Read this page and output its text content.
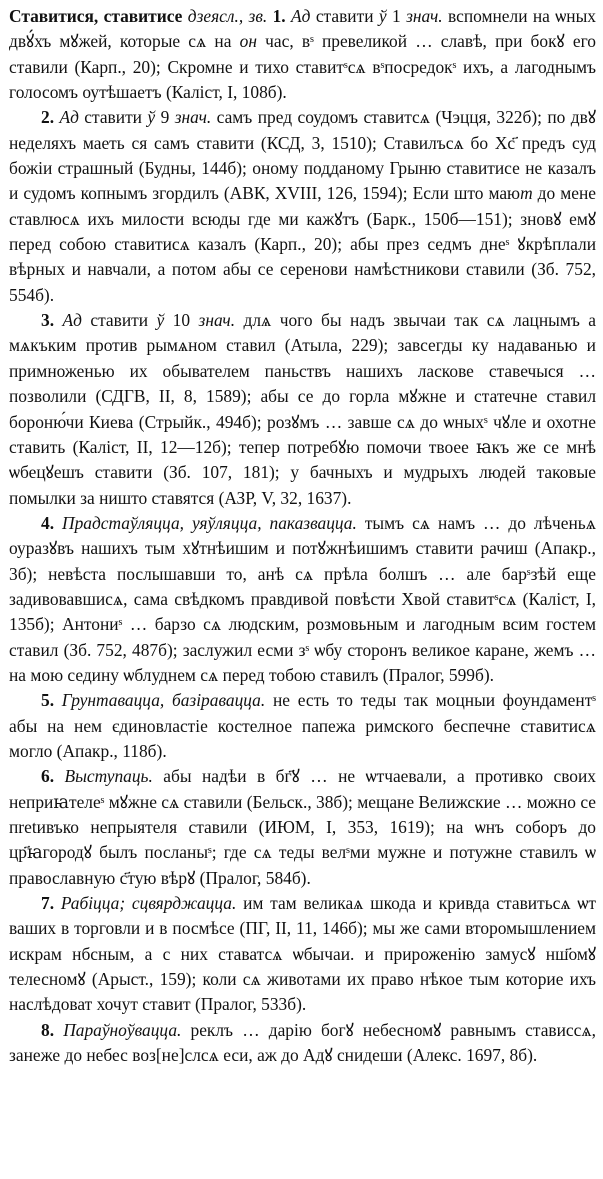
Ставитися, ставитисе дзеясл., зв. 1. Ад ставити ў 1 знач. вспомнели на ѡных двꙋ́хъ мꙋжей, которые сѧ на он час, вˢ превеликой … славѣ, при бокꙋ его ставили (Карп., 20); Скромне и тихо ставитˢсѧ вˢпосредокˢ ихъ, а лагоднымъ голосомъ оутѣшаетъ (Каліст, I, 108б).

2. Ад ставити ў 9 знач. самъ пред соудомъ ставитсѧ (Чэцця, 322б); по двꙋ неделяхъ маеть ся самъ ставити (КСД, 3, 1510); Ставилъсѧ бо Хс҃ предъ суд божіи страшный (Будны, 144б); оному подданому Грыню ставитисе не казалъ и судомъ копнымъ згордилъ (АВК, XVIII, 126, 1594); Если што мают до мене ставлюсѧ ихъ милости всюды где ми кажꙋтъ (Барк., 150б—151); зновꙋ емꙋ перед собою ставитисѧ казалъ (Карп., 20); абы през седмъ днеˢ ꙋкрѣплали вѣрных и навчали, а потом абы се серенови намѣстникови ставили (Зб. 752, 554б).

3. Ад ставити ў 10 знач. длѧ чого бы надъ звычаи так сѧ лацнымъ а мѧкъким против рымѧном ставил (Атыла, 229); завсегды ку надаванью и примноженью их обывателем паньствъ нашихъ ласкове ставечыся … позволили (СДГВ, II, 8, 1589); абы се до горла мꙋжне и статечне ставил бороню́чи Киева (Стрыйк., 494б); розꙋмъ … завше сѧ до ѡныхˢ чꙋле и охотне ставить (Каліст, II, 12—12б); тепер потребꙋю помочи твоее ꙗкъ же се мнѣ ѡбецꙋешъ ставити (Зб. 107, 181); у бачныхъ и мудрыхъ людей таковые помылки за ништо ставятся (АЗР, V, 32, 1637).

4. Прадстаўляцца, уяўляцца, паказвацца. тымъ сѧ намъ … до лѣченьѧ оуразꙋвъ нашихъ тым хꙋтнѣишим и потꙋжнѣишимъ ставити рачиш (Апакр., 3б); невѣста послышавши то, анѣ сѧ прѣла болшъ … але барˢзѣй еще задивовавшисѧ, сама свѣдкомъ правдивой повѣсти Хвой ставитˢсѧ (Каліст, I, 135б); Антониˢ … барзо сѧ людским, розмовьным и лагодным всим гостем ставил (Зб. 752, 487б); заслужил есми зˢ ѡбу сторонъ великое каране, жемъ … на мою седину ѡблуднем сѧ перед тобою ставилъ (Пралог, 599б).

5. Грунтавацца, базіравацца. не есть то теды так моцныи фоундаментˢ абы на нем єдиновластіе костелное папежа римского беспечне ставитисѧ могло (Апакр., 118б).

6. Выступаць. абы надѣи в бг҃ꙋ … не ѡтчаевали, а противко своих неприꙗтелеˢ мꙋжне сѧ ставили (Бельск., 38б); мещане Велижские … можно се пretивъко непрыятеля ставили (ИЮМ, I, 353, 1619); на ѡнъ соборъ до цр҃ꙗгородꙋ былъ посланыˢ; где сѧ теды велˢми мужне и потужне ставилъ ѡ православную с҃тую вѣрꙋ (Пралог, 584б).

7. Рабіцца; сцвярджацца. им там великаѧ шкода и кривда ставитьсѧ ѡт ваших в торговли и в посмѣсе (ПГ, II, 11, 146б); мы же сами второмышлением искрам нбсным, а с них ставатсѧ ѡбычаи. и прироженію замусꙋ нш҃омꙋ телесномꙋ (Арыст., 159); коли сѧ животами их право нѣкое тым которие ихъ наслѣдоват хочут ставит (Пралог, 533б).

8. Параўноўвацца. реклъ … дарію богꙋ небесномꙋ равнымъ стависсѧ, занеже до небес воз[не]слсѧ еси, аж до Адꙋ снидеши (Алекс. 1697, 8б).
